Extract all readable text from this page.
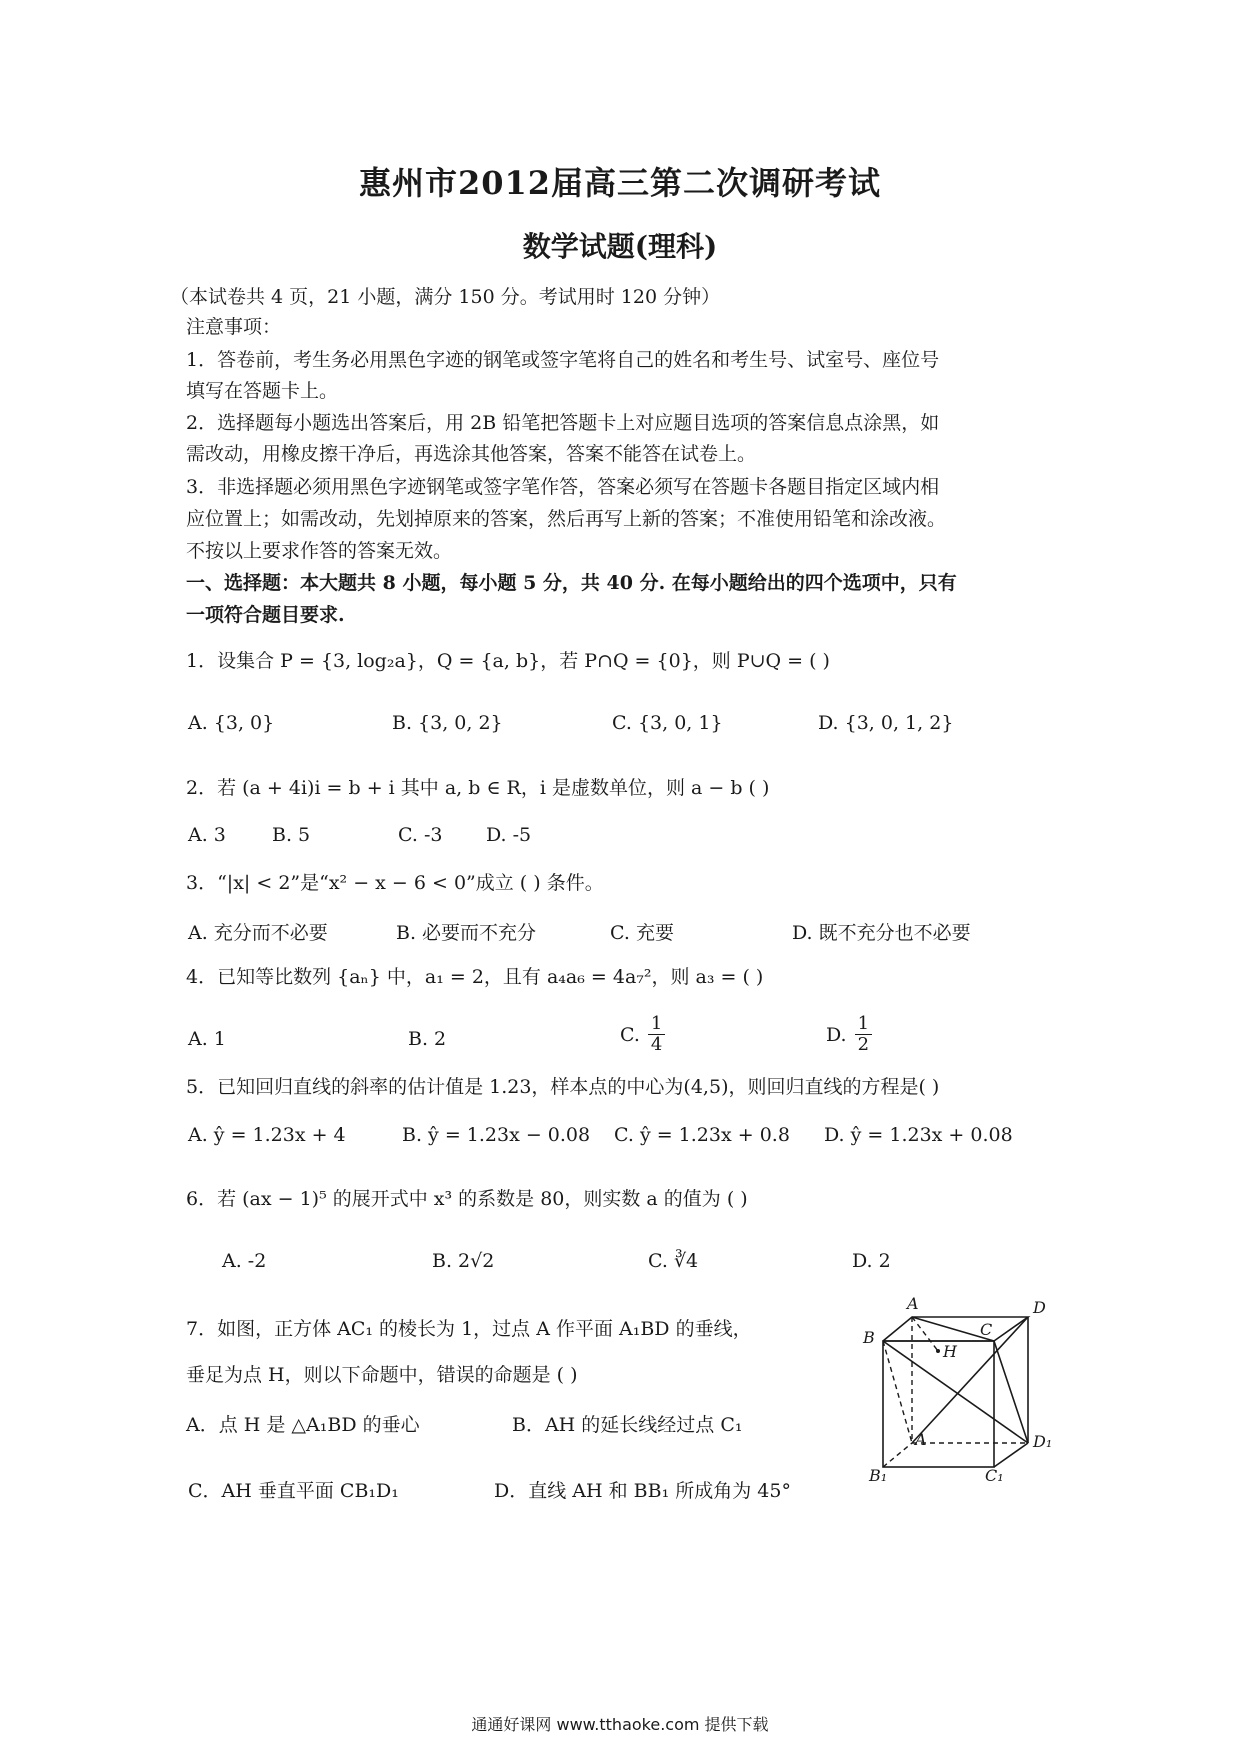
惠州市2012届高三第二次调研考试
数学试题(理科)
（本试卷共 4 页，21 小题，满分 150 分。考试用时 120 分钟）
注意事项：
1．答卷前，考生务必用黑色字迹的钢笔或签字笔将自己的姓名和考生号、试室号、座位号
填写在答题卡上。
2．选择题每小题选出答案后，用 2B 铅笔把答题卡上对应题目选项的答案信息点涂黑，如
需改动，用橡皮擦干净后，再选涂其他答案，答案不能答在试卷上。
3．非选择题必须用黑色字迹钢笔或签字笔作答，答案必须写在答题卡各题目指定区域内相
应位置上；如需改动，先划掉原来的答案，然后再写上新的答案；不准使用铅笔和涂改液。
不按以上要求作答的答案无效。
一、选择题：本大题共 8 小题，每小题 5 分，共 40 分. 在每小题给出的四个选项中，只有
一项符合题目要求.
1．设集合 P = {3, log₂a}，Q = {a, b}，若 P∩Q = {0}，则 P∪Q = ( )
A. {3, 0}	B. {3, 0, 2}	C. {3, 0, 1}	D. {3, 0, 1, 2}
2．若 (a + 4i)i = b + i 其中 a, b ∈ R，i 是虚数单位，则 a − b ( )
A. 3 B. 5	C. -3 D. -5
3．“|x| < 2”是“x² − x − 6 < 0”成立 ( ) 条件。
A. 充分而不必要	B. 必要而不充分	C. 充要	D. 既不充分也不必要
4．已知等比数列 {aₙ} 中，a₁ = 2，且有 a₄a₆ = 4a₇²，则 a₃ = ( )
A. 1	B. 2	C. $\frac{1}{4}$	D. $\frac{1}{2}$
5．已知回归直线的斜率的估计值是 1.23，样本点的中心为(4,5)，则回归直线的方程是( )
A. ŷ = 1.23x + 4	B. ŷ = 1.23x − 0.08 C. ŷ = 1.23x + 0.8 D. ŷ = 1.23x + 0.08
6．若 (ax − 1)⁵ 的展开式中 x³ 的系数是 80，则实数 a 的值为 ( )
A. -2	B. 2√2	C. ∛4	D. 2
7．如图，正方体 AC₁ 的棱长为 1，过点 A 作平面 A₁BD 的垂线，
垂足为点 H，则以下命题中，错误的命题是 ( )
A．点 H 是 △A₁BD 的垂心	B．AH 的延长线经过点 C₁
C．AH 垂直平面 CB₁D₁	D．直线 AH 和 BB₁ 所成角为 45°
A	D
B	C
H
A	D₁
B₁	C₁
通通好课网 www.tthaoke.com 提供下载
